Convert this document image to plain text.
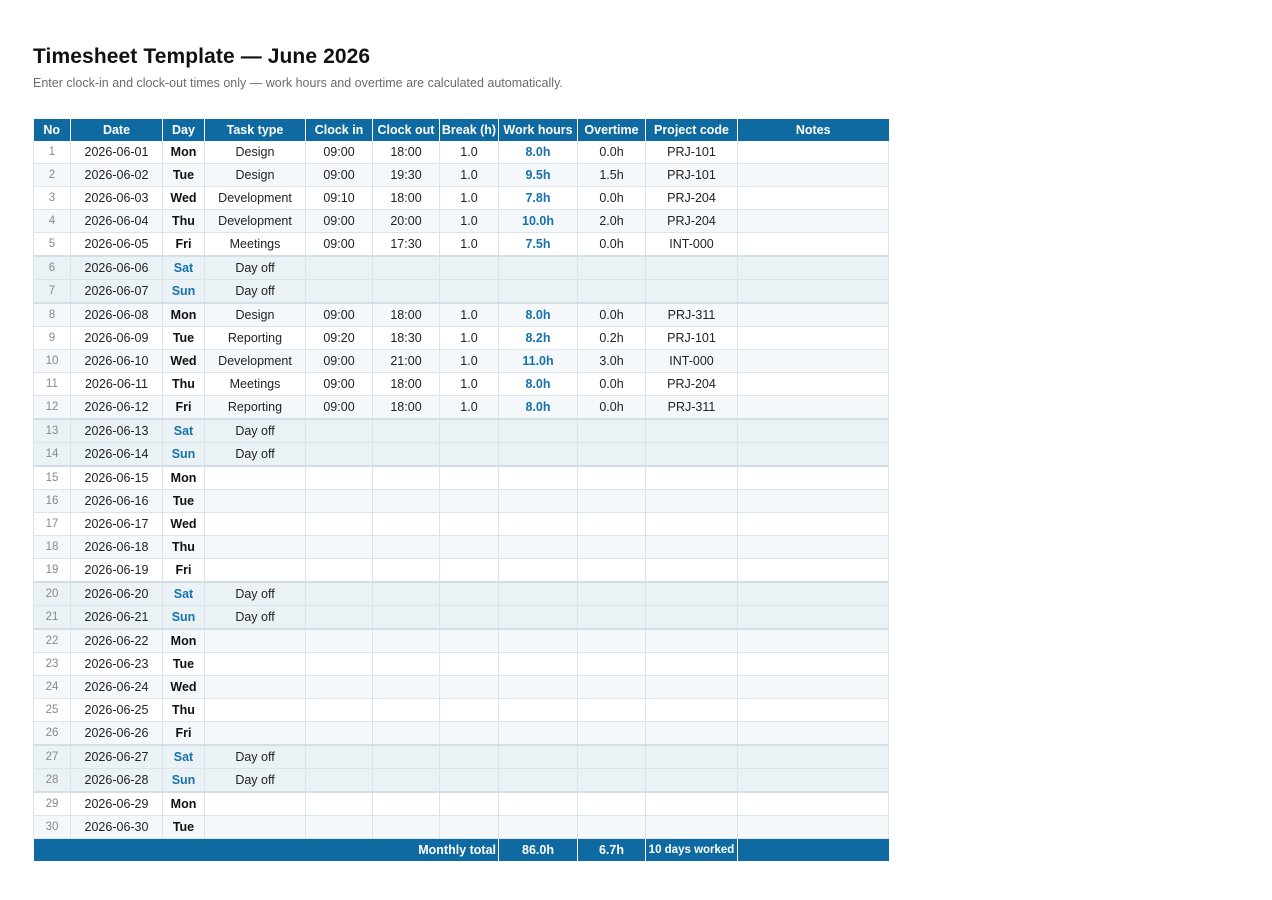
Timesheet Template — June 2026
Enter clock-in and clock-out times only — work hours and overtime are calculated automatically.
No	Date	Day	Task type	Clock in	Clock out	Break (h)	Work hours	Overtime	Project code	Notes
1	2026-06-01	Mon	Design	09:00	18:00	1.0	8.0h	0.0h	PRJ-101	
2	2026-06-02	Tue	Design	09:00	19:30	1.0	9.5h	1.5h	PRJ-101	
3	2026-06-03	Wed	Development	09:10	18:00	1.0	7.8h	0.0h	PRJ-204	
4	2026-06-04	Thu	Development	09:00	20:00	1.0	10.0h	2.0h	PRJ-204	
5	2026-06-05	Fri	Meetings	09:00	17:30	1.0	7.5h	0.0h	INT-000	
6	2026-06-06	Sat	Day off							
7	2026-06-07	Sun	Day off							
8	2026-06-08	Mon	Design	09:00	18:00	1.0	8.0h	0.0h	PRJ-311	
9	2026-06-09	Tue	Reporting	09:20	18:30	1.0	8.2h	0.2h	PRJ-101	
10	2026-06-10	Wed	Development	09:00	21:00	1.0	11.0h	3.0h	INT-000	
11	2026-06-11	Thu	Meetings	09:00	18:00	1.0	8.0h	0.0h	PRJ-204	
12	2026-06-12	Fri	Reporting	09:00	18:00	1.0	8.0h	0.0h	PRJ-311	
13	2026-06-13	Sat	Day off							
14	2026-06-14	Sun	Day off							
15	2026-06-15	Mon								
16	2026-06-16	Tue								
17	2026-06-17	Wed								
18	2026-06-18	Thu								
19	2026-06-19	Fri								
20	2026-06-20	Sat	Day off							
21	2026-06-21	Sun	Day off							
22	2026-06-22	Mon								
23	2026-06-23	Tue								
24	2026-06-24	Wed								
25	2026-06-25	Thu								
26	2026-06-26	Fri								
27	2026-06-27	Sat	Day off							
28	2026-06-28	Sun	Day off							
29	2026-06-29	Mon								
30	2026-06-30	Tue								
Monthly total							86.0h	6.7h	10 days worked	
